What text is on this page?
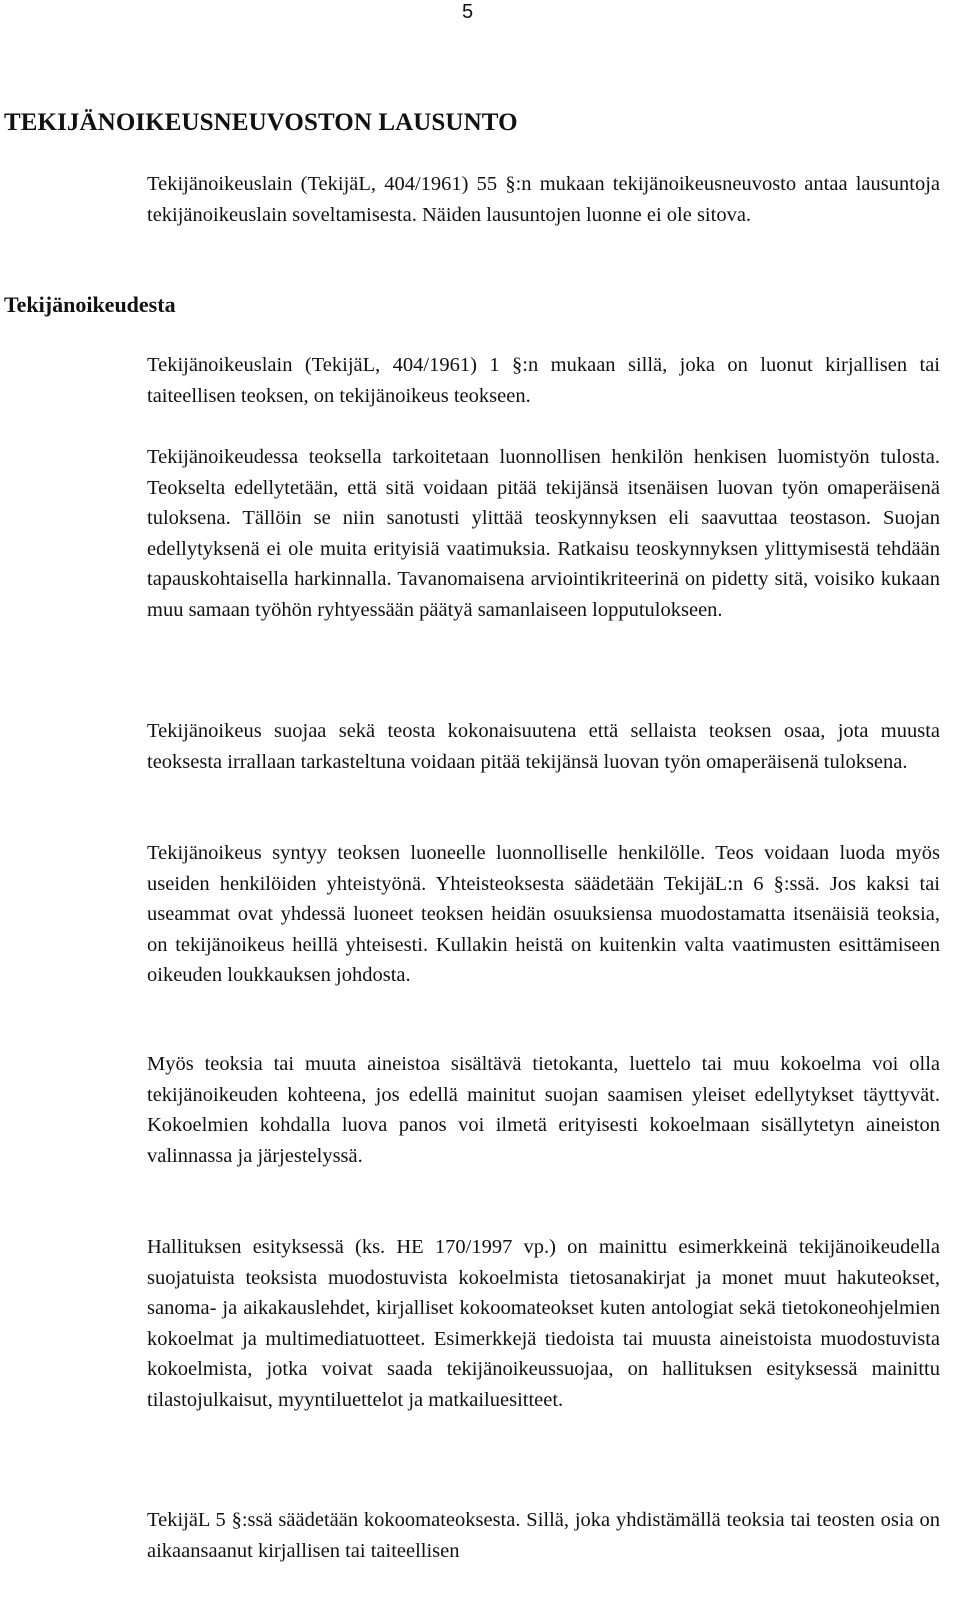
5
TEKIJÄNOIKEUSNEUVOSTON LAUSUNTO

Tekijänoikeuslain (TekijäL, 404/1961) 55 §:n mukaan tekijänoikeusneuvosto antaa lausuntoja tekijänoikeuslain soveltamisesta. Näiden lausuntojen luonne ei ole sitova.

Tekijänoikeudesta

Tekijänoikeuslain (TekijäL, 404/1961) 1 §:n mukaan sillä, joka on luonut kirjallisen tai taiteellisen teoksen, on tekijänoikeus teokseen.

Tekijänoikeudessa teoksella tarkoitetaan luonnollisen henkilön henkisen luomistyön tulosta. Teokselta edellytetään, että sitä voidaan pitää tekijänsä itsenäisen luovan työn omaperäisenä tuloksena. Tällöin se niin sanotusti ylittää teoskynnyksen eli saavuttaa teostason. Suojan edellytyksenä ei ole muita erityisiä vaatimuksia. Ratkaisu teoskynnyksen ylittymisestä tehdään tapauskohtaisella harkinnalla. Tavanomaisena arviointikriteerinä on pidetty sitä, voisiko kukaan muu samaan työhön ryhtyessään päätyä samanlaiseen lopputulokseen.

Tekijänoikeus suojaa sekä teosta kokonaisuutena että sellaista teoksen osaa, jota muusta teoksesta irrallaan tarkasteltuna voidaan pitää tekijänsä luovan työn omaperäisenä tuloksena.

Tekijänoikeus syntyy teoksen luoneelle luonnolliselle henkilölle. Teos voidaan luoda myös useiden henkilöiden yhteistyönä. Yhteisteoksesta säädetään TekijäL:n 6 §:ssä. Jos kaksi tai useammat ovat yhdessä luoneet teoksen heidän osuuksiensa muodostamatta itsenäisiä teoksia, on tekijänoikeus heillä yhteisesti. Kullakin heistä on kuitenkin valta vaatimusten esittämiseen oikeuden loukkauksen johdosta.

Myös teoksia tai muuta aineistoa sisältävä tietokanta, luettelo tai muu kokoelma voi olla tekijänoikeuden kohteena, jos edellä mainitut suojan saamisen yleiset edellytykset täyttyvät. Kokoelmien kohdalla luova panos voi ilmetä erityisesti kokoelmaan sisällytetyn aineiston valinnassa ja järjestelyssä.

Hallituksen esityksessä (ks. HE 170/1997 vp.) on mainittu esimerkkeinä tekijänoikeudella suojatuista teoksista muodostuvista kokoelmista tietosanakirjat ja monet muut hakuteokset, sanoma- ja aikakauslehdet, kirjalliset kokoomateokset kuten antologiat sekä tietokoneohjelmien kokoelmat ja multimediatuotteet. Esimerkkejä tiedoista tai muusta aineistoista muodostuvista kokoelmista, jotka voivat saada tekijänoikeussuojaa, on hallituksen esityksessä mainittu tilastojulkaisut, myyntiluettelot ja matkailuesitteet.

TekijäL 5 §:ssä säädetään kokoomateoksesta. Sillä, joka yhdistämällä teoksia tai teosten osia on aikaansaanut kirjallisen tai taiteellisen
